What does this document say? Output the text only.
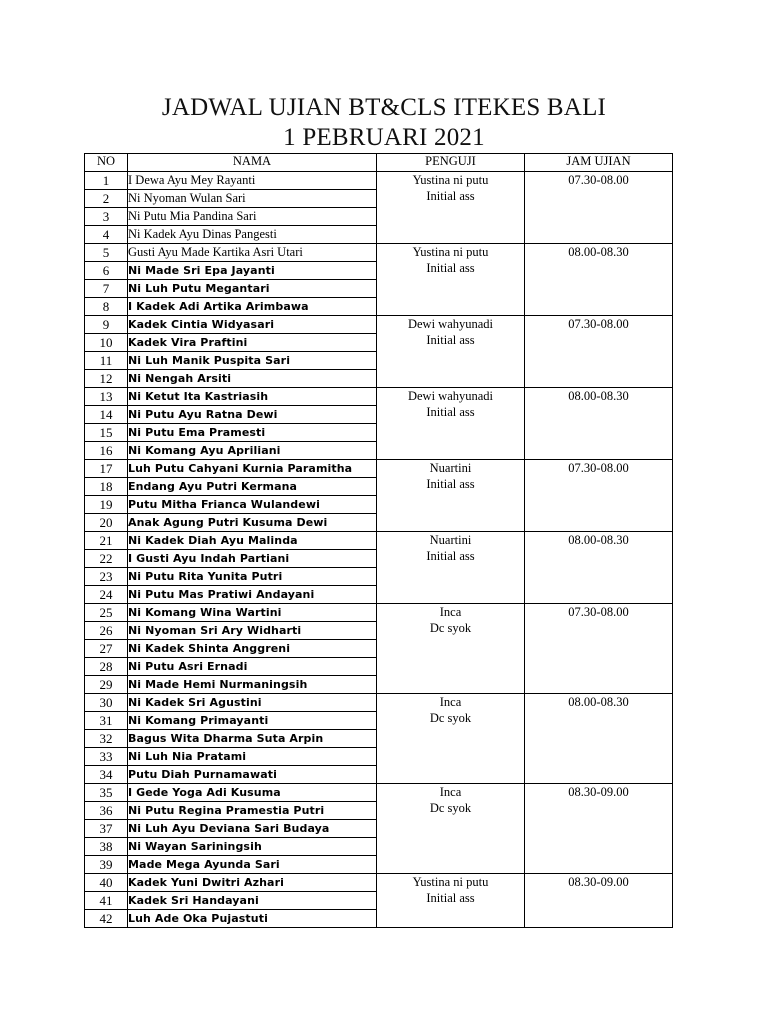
JADWAL UJIAN BT&CLS ITEKES BALI
1 PEBRUARI 2021
NO	NAMA	PENGUJI	JAM UJIAN
1	I Dewa Ayu Mey Rayanti	Yustina ni putu
Initial ass	07.30-08.00
2	Ni Nyoman Wulan Sari		
3	Ni Putu Mia Pandina Sari		
4	Ni Kadek Ayu Dinas Pangesti		
5	Gusti Ayu Made Kartika Asri Utari	Yustina ni putu
Initial ass	08.00-08.30
6	Ni Made Sri Epa Jayanti		
7	Ni Luh Putu Megantari		
8	I Kadek Adi Artika Arimbawa		
9	Kadek Cintia Widyasari	Dewi wahyunadi
Initial ass	07.30-08.00
10	Kadek Vira Praftini		
11	Ni Luh Manik Puspita Sari		
12	Ni Nengah Arsiti		
13	Ni Ketut Ita Kastriasih	Dewi wahyunadi
Initial ass	08.00-08.30
14	Ni Putu Ayu Ratna Dewi		
15	Ni Putu Ema Pramesti		
16	Ni Komang Ayu Apriliani		
17	Luh Putu Cahyani Kurnia Paramitha	Nuartini
Initial ass	07.30-08.00
18	Endang Ayu Putri Kermana		
19	Putu Mitha Frianca Wulandewi		
20	Anak Agung Putri Kusuma Dewi		
21	Ni Kadek Diah Ayu Malinda	Nuartini
Initial ass	08.00-08.30
22	I Gusti Ayu Indah Partiani		
23	Ni Putu Rita Yunita Putri		
24	Ni Putu Mas Pratiwi Andayani		
25	Ni Komang Wina Wartini	Inca
Dc syok	07.30-08.00
26	Ni Nyoman Sri Ary Widharti		
27	Ni Kadek Shinta Anggreni		
28	Ni Putu Asri Ernadi		
29	Ni Made Hemi Nurmaningsih		
30	Ni Kadek Sri Agustini	Inca
Dc syok	08.00-08.30
31	Ni Komang Primayanti		
32	Bagus Wita Dharma Suta Arpin		
33	Ni Luh Nia Pratami		
34	Putu Diah Purnamawati		
35	I Gede Yoga Adi Kusuma	Inca
Dc syok	08.30-09.00
36	Ni Putu Regina Pramestia Putri		
37	Ni Luh Ayu Deviana Sari Budaya		
38	Ni Wayan Sariningsih		
39	Made Mega Ayunda Sari		
40	Kadek Yuni Dwitri Azhari	Yustina ni putu
Initial ass	08.30-09.00
41	Kadek Sri Handayani		
42	Luh Ade Oka Pujastuti		
